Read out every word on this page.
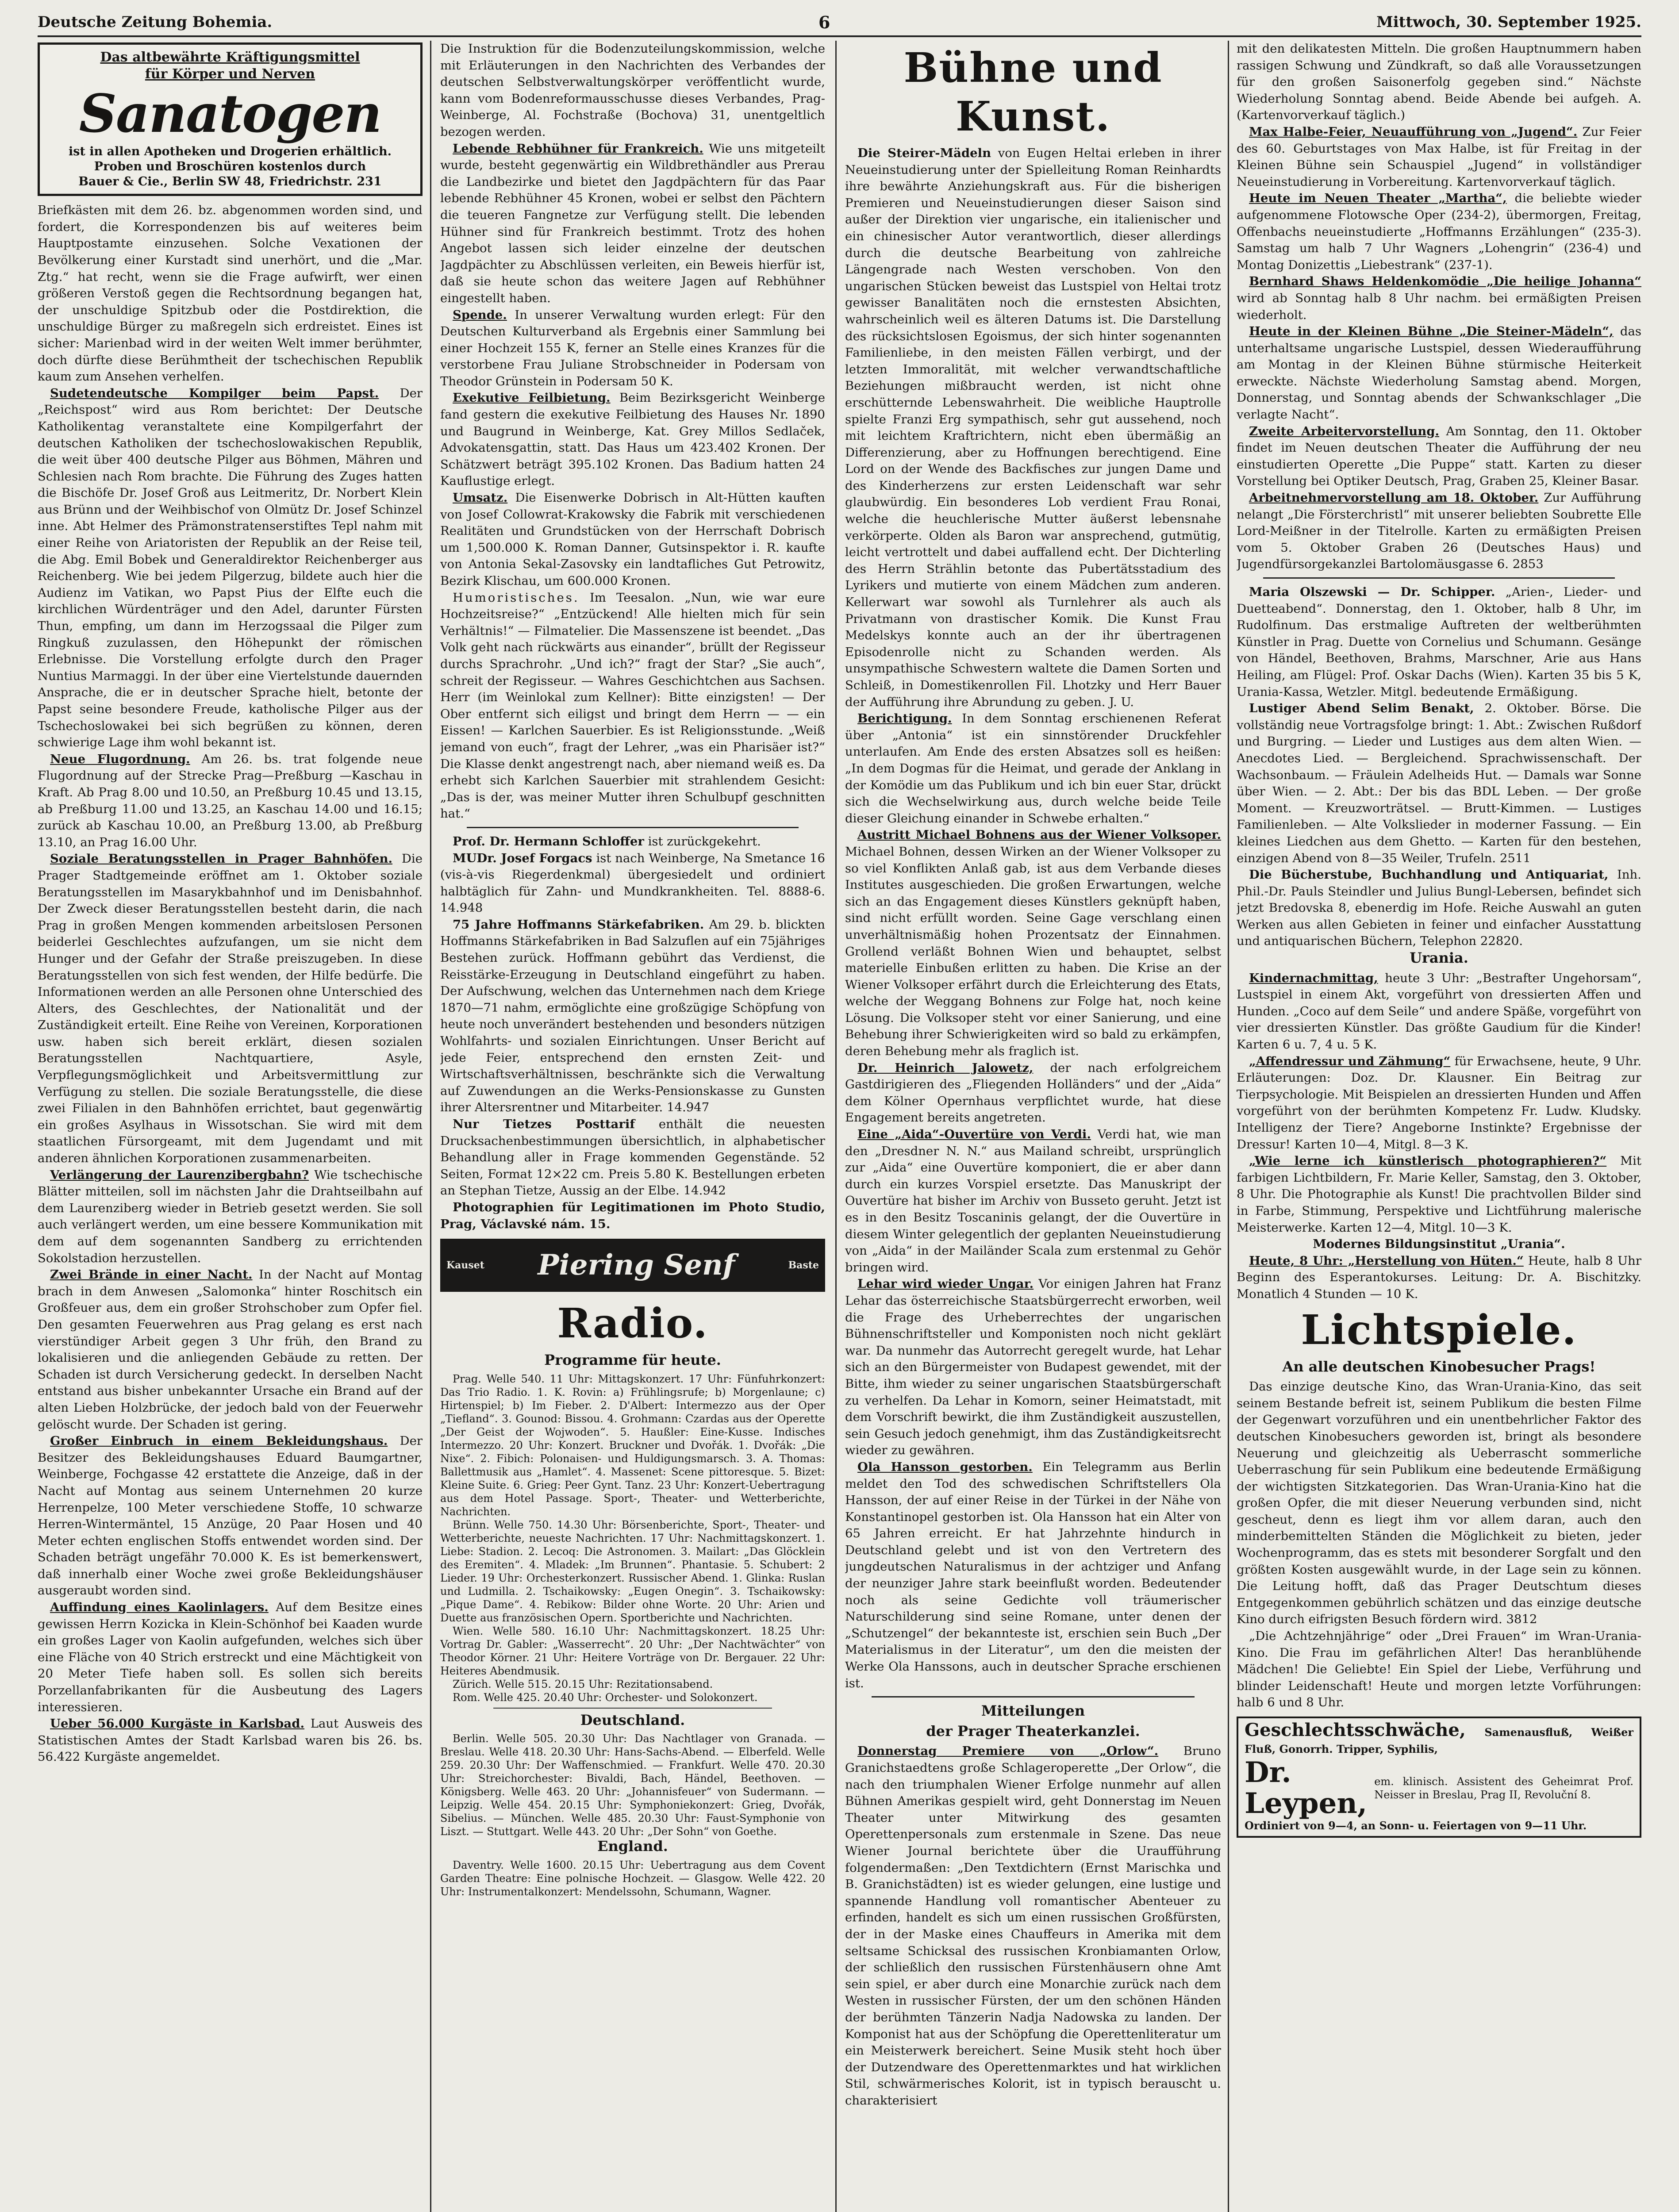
Deutsche Zeitung Bohemia.	6	Mittwoch, 30. September 1925.
Das altbewährte Kräftigungsmittel
für Körper und Nerven
Sanatogen
ist in allen Apotheken und Drogerien erhältlich.
Proben und Broschüren kostenlos durch
Bauer & Cie., Berlin SW 48, Friedrichstr. 231

Briefkästen mit dem 26. bz. abgenommen worden sind, und fordert, die Korrespondenzen bis auf weiteres beim Hauptpostamte einzusehen. Solche Vexationen der Bevölkerung einer Kurstadt sind unerhört, und die „Mar. Ztg.“ hat recht, wenn sie die Frage aufwirft, wer einen größeren Verstoß gegen die Rechtsordnung begangen hat, der unschuldige Spitzbub oder die Postdirektion, die unschuldige Bürger zu maßregeln sich erdreistet. Eines ist sicher: Marienbad wird in der weiten Welt immer berühmter, doch dürfte diese Berühmtheit der tschechischen Republik kaum zum Ansehen verhelfen.

Sudetendeutsche Kompilger beim Papst. Der „Reichspost“ wird aus Rom berichtet: Der Deutsche Katholikentag veranstaltete eine Kompilgerfahrt der deutschen Katholiken der tschechoslowakischen Republik, die weit über 400 deutsche Pilger aus Böhmen, Mähren und Schlesien nach Rom brachte. Die Führung des Zuges hatten die Bischöfe Dr. Josef Groß aus Leitmeritz, Dr. Norbert Klein aus Brünn und der Weihbischof von Olmütz Dr. Josef Schinzel inne. Abt Helmer des Prämonstratenserstiftes Tepl nahm mit einer Reihe von Ariatoristen der Republik an der Reise teil, die Abg. Emil Bobek und Generaldirektor Reichenberger aus Reichenberg. Wie bei jedem Pilgerzug, bildete auch hier die Audienz im Vatikan, wo Papst Pius der Elfte euch die kirchlichen Würdenträger und den Adel, darunter Fürsten Thun, empfing, um dann im Herzogssaal die Pilger zum Ringkuß zuzulassen, den Höhepunkt der römischen Erlebnisse. Die Vorstellung erfolgte durch den Prager Nuntius Marmaggi. In der über eine Viertelstunde dauernden Ansprache, die er in deutscher Sprache hielt, betonte der Papst seine besondere Freude, katholische Pilger aus der Tschechoslowakei bei sich begrüßen zu können, deren schwierige Lage ihm wohl bekannt ist.

Neue Flugordnung. Am 26. bs. trat folgende neue Flugordnung auf der Strecke Prag—Preßburg —Kaschau in Kraft. Ab Prag 8.00 und 10.50, an Preßburg 10.45 und 13.15, ab Preßburg 11.00 und 13.25, an Kaschau 14.00 und 16.15; zurück ab Kaschau 10.00, an Preßburg 13.00, ab Preßburg 13.10, an Prag 16.00 Uhr.

Soziale Beratungsstellen in Prager Bahnhöfen. Die Prager Stadtgemeinde eröffnet am 1. Oktober soziale Beratungsstellen im Masarykbahnhof und im Denisbahnhof. Der Zweck dieser Beratungsstellen besteht darin, die nach Prag in großen Mengen kommenden arbeitslosen Personen beiderlei Geschlechtes aufzufangen, um sie nicht dem Hunger und der Gefahr der Straße preiszugeben. In diese Beratungsstellen von sich fest wenden, der Hilfe bedürfe. Die Informationen werden an alle Personen ohne Unterschied des Alters, des Geschlechtes, der Nationalität und der Zuständigkeit erteilt. Eine Reihe von Vereinen, Korporationen usw. haben sich bereit erklärt, diesen sozialen Beratungsstellen Nachtquartiere, Asyle, Verpflegungsmöglichkeit und Arbeitsvermittlung zur Verfügung zu stellen. Die soziale Beratungsstelle, die diese zwei Filialen in den Bahnhöfen errichtet, baut gegenwärtig ein großes Asylhaus in Wissotschan. Sie wird mit dem staatlichen Fürsorgeamt, mit dem Jugendamt und mit anderen ähnlichen Korporationen zusammenarbeiten.

Verlängerung der Laurenzibergbahn? Wie tschechische Blätter mitteilen, soll im nächsten Jahr die Drahtseilbahn auf dem Laurenziberg wieder in Betrieb gesetzt werden. Sie soll auch verlängert werden, um eine bessere Kommunikation mit dem auf dem sogenannten Sandberg zu errichtenden Sokolstadion herzustellen.

Zwei Brände in einer Nacht. In der Nacht auf Montag brach in dem Anwesen „Salomonka“ hinter Roschitsch ein Großfeuer aus, dem ein großer Strohschober zum Opfer fiel. Den gesamten Feuerwehren aus Prag gelang es erst nach vierstündiger Arbeit gegen 3 Uhr früh, den Brand zu lokalisieren und die anliegenden Gebäude zu retten. Der Schaden ist durch Versicherung gedeckt. In derselben Nacht entstand aus bisher unbekannter Ursache ein Brand auf der alten Lieben Holzbrücke, der jedoch bald von der Feuerwehr gelöscht wurde. Der Schaden ist gering.

Großer Einbruch in einem Bekleidungshaus. Der Besitzer des Bekleidungshauses Eduard Baumgartner, Weinberge, Fochgasse 42 erstattete die Anzeige, daß in der Nacht auf Montag aus seinem Unternehmen 20 kurze Herrenpelze, 100 Meter verschiedene Stoffe, 10 schwarze Herren-Wintermäntel, 15 Anzüge, 20 Paar Hosen und 40 Meter echten englischen Stoffs entwendet worden sind. Der Schaden beträgt ungefähr 70.000 K. Es ist bemerkenswert, daß innerhalb einer Woche zwei große Bekleidungshäuser ausgeraubt worden sind.

Auffindung eines Kaolinlagers. Auf dem Besitze eines gewissen Herrn Kozicka in Klein-Schönhof bei Kaaden wurde ein großes Lager von Kaolin aufgefunden, welches sich über eine Fläche von 40 Strich erstreckt und eine Mächtigkeit von 20 Meter Tiefe haben soll. Es sollen sich bereits Porzellanfabrikanten für die Ausbeutung des Lagers interessieren.

Ueber 56.000 Kurgäste in Karlsbad. Laut Ausweis des Statistischen Amtes der Stadt Karlsbad waren bis 26. bs. 56.422 Kurgäste angemeldet.

Die Instruktion für die Bodenzuteilungskommission, welche mit Erläuterungen in den Nachrichten des Verbandes der deutschen Selbstverwaltungskörper veröffentlicht wurde, kann vom Bodenreformausschusse dieses Verbandes, Prag-Weinberge, Al. Fochstraße (Bochova) 31, unentgeltlich bezogen werden.

Lebende Rebhühner für Frankreich. Wie uns mitgeteilt wurde, besteht gegenwärtig ein Wildbrethändler aus Prerau die Landbezirke und bietet den Jagdpächtern für das Paar lebende Rebhühner 45 Kronen, wobei er selbst den Pächtern die teueren Fangnetze zur Verfügung stellt. Die lebenden Hühner sind für Frankreich bestimmt. Trotz des hohen Angebot lassen sich leider einzelne der deutschen Jagdpächter zu Abschlüssen verleiten, ein Beweis hierfür ist, daß sie heute schon das weitere Jagen auf Rebhühner eingestellt haben.

Spende. In unserer Verwaltung wurden erlegt: Für den Deutschen Kulturverband als Ergebnis einer Sammlung bei einer Hochzeit 155 K, ferner an Stelle eines Kranzes für die verstorbene Frau Juliane Strobschneider in Podersam von Theodor Grünstein in Podersam 50 K.

Exekutive Feilbietung. Beim Bezirksgericht Weinberge fand gestern die exekutive Feilbietung des Hauses Nr. 1890 und Baugrund in Weinberge, Kat. Grey Millos Sedlaček, Advokatensgattin, statt. Das Haus um 423.402 Kronen. Der Schätzwert beträgt 395.102 Kronen. Das Badium hatten 24 Kauflustige erlegt.

Umsatz. Die Eisenwerke Dobrisch in Alt-Hütten kauften von Josef Collowrat-Krakowsky die Fabrik mit verschiedenen Realitäten und Grundstücken von der Herrschaft Dobrisch um 1,500.000 K. Roman Danner, Gutsinspektor i. R. kaufte von Antonia Sekal-Zasovsky ein landtafliches Gut Petrowitz, Bezirk Klischau, um 600.000 Kronen.

Humoristisches. Im Teesalon. „Nun, wie war eure Hochzeitsreise?“ „Entzückend! Alle hielten mich für sein Verhältnis!“ — Filmatelier. Die Massenszene ist beendet. „Das Volk geht nach rückwärts aus einander“, brüllt der Regisseur durchs Sprachrohr. „Und ich?“ fragt der Star? „Sie auch“, schreit der Regisseur. — Wahres Geschichtchen aus Sachsen. Herr (im Weinlokal zum Kellner): Bitte einzigsten! — Der Ober entfernt sich eiligst und bringt dem Herrn — — ein Eissen! — Karlchen Sauerbier. Es ist Religionsstunde. „Weiß jemand von euch“, fragt der Lehrer, „was ein Pharisäer ist?“ Die Klasse denkt angestrengt nach, aber niemand weiß es. Da erhebt sich Karlchen Sauerbier mit strahlendem Gesicht: „Das is der, was meiner Mutter ihren Schulbupf geschnitten hat.“

Prof. Dr. Hermann Schloffer ist zurückgekehrt.

MUDr. Josef Forgacs ist nach Weinberge, Na Smetance 16 (vis-à-vis Riegerdenkmal) übergesiedelt und ordiniert halbtäglich für Zahn- und Mundkrankheiten. Tel. 8888-6. 14.948

75 Jahre Hoffmanns Stärkefabriken. Am 29. b. blickten Hoffmanns Stärkefabriken in Bad Salzuflen auf ein 75jähriges Bestehen zurück. Hoffmann gebührt das Verdienst, die Reisstärke-Erzeugung in Deutschland eingeführt zu haben. Der Aufschwung, welchen das Unternehmen nach dem Kriege 1870—71 nahm, ermöglichte eine großzügige Schöpfung von heute noch unverändert bestehenden und besonders nützigen Wohlfahrts- und sozialen Einrichtungen. Unser Bericht auf jede Feier, entsprechend den ernsten Zeit- und Wirtschaftsverhältnissen, beschränkte sich die Verwaltung auf Zuwendungen an die Werks-Pensionskasse zu Gunsten ihrer Altersrentner und Mitarbeiter. 14.947

Nur Tietzes Posttarif enthält die neuesten Drucksachenbestimmungen übersichtlich, in alphabetischer Behandlung aller in Frage kommenden Gegenstände. 52 Seiten, Format 12×22 cm. Preis 5.80 K. Bestellungen erbeten an Stephan Tietze, Aussig an der Elbe. 14.942

Photographien für Legitimationen im Photo Studio, Prag, Václavské nám. 15.

Kauset Piering Senf	Baste
Radio.
Programme für heute.

Prag. Welle 540. 11 Uhr: Mittagskonzert. 17 Uhr: Fünfuhrkonzert: Das Trio Radio. 1. K. Rovin: a) Frühlingsrufe; b) Morgenlaune; c) Hirtenspiel; b) Im Fieber. 2. D'Albert: Intermezzo aus der Oper „Tiefland“. 3. Gounod: Bissou. 4. Grohmann: Czardas aus der Operette „Der Geist der Wojwoden“. 5. Haußler: Eine-Kusse. Indisches Intermezzo. 20 Uhr: Konzert. Bruckner und Dvořák. 1. Dvořák: „Die Nixe“. 2. Fibich: Polonaisen- und Huldigungsmarsch. 3. A. Thomas: Ballettmusik aus „Hamlet“. 4. Massenet: Scene pittoresque. 5. Bizet: Kleine Suite. 6. Grieg: Peer Gynt. Tanz. 23 Uhr: Konzert-Uebertragung aus dem Hotel Passage. Sport-, Theater- und Wetterberichte, Nachrichten.

Brünn. Welle 750. 14.30 Uhr: Börsenberichte, Sport-, Theater- und Wetterberichte, neueste Nachrichten. 17 Uhr: Nachmittagskonzert. 1. Liebe: Stadion. 2. Lecoq: Die Astronomen. 3. Mailart: „Das Glöcklein des Eremiten“. 4. Mladek: „Im Brunnen“. Phantasie. 5. Schubert: 2 Lieder. 19 Uhr: Orchesterkonzert. Russischer Abend. 1. Glinka: Ruslan und Ludmilla. 2. Tschaikowsky: „Eugen Onegin“. 3. Tschaikowsky: „Pique Dame“. 4. Rebikow: Bilder ohne Worte. 20 Uhr: Arien und Duette aus französischen Opern. Sportberichte und Nachrichten.

Wien. Welle 580. 16.10 Uhr: Nachmittagskonzert. 18.25 Uhr: Vortrag Dr. Gabler: „Wasserrecht“. 20 Uhr: „Der Nachtwächter“ von Theodor Körner. 21 Uhr: Heitere Vorträge von Dr. Bergauer. 22 Uhr: Heiteres Abendmusik.

Zürich. Welle 515. 20.15 Uhr: Rezitationsabend.

Rom. Welle 425. 20.40 Uhr: Orchester- und Solokonzert.

Deutschland.

Berlin. Welle 505. 20.30 Uhr: Das Nachtlager von Granada. — Breslau. Welle 418. 20.30 Uhr: Hans-Sachs-Abend. — Elberfeld. Welle 259. 20.30 Uhr: Der Waffenschmied. — Frankfurt. Welle 470. 20.30 Uhr: Streichorchester: Bivaldi, Bach, Händel, Beethoven. — Königsberg. Welle 463. 20 Uhr: „Johannisfeuer“ von Sudermann. — Leipzig. Welle 454. 20.15 Uhr: Symphoniekonzert: Grieg, Dvořák, Sibelius. — München. Welle 485. 20.30 Uhr: Faust-Symphonie von Liszt. — Stuttgart. Welle 443. 20 Uhr: „Der Sohn“ von Goethe.

England.

Daventry. Welle 1600. 20.15 Uhr: Uebertragung aus dem Covent Garden Theatre: Eine polnische Hochzeit. — Glasgow. Welle 422. 20 Uhr: Instrumentalkonzert: Mendelssohn, Schumann, Wagner.

Bühne und Kunst.

Die Steirer-Mädeln von Eugen Heltai erleben in ihrer Neueinstudierung unter der Spielleitung Roman Reinhardts ihre bewährte Anziehungskraft aus. Für die bisherigen Premieren und Neueinstudierungen dieser Saison sind außer der Direktion vier ungarische, ein italienischer und ein chinesischer Autor verantwortlich, dieser allerdings durch die deutsche Bearbeitung von zahlreiche Längengrade nach Westen verschoben. Von den ungarischen Stücken beweist das Lustspiel von Heltai trotz gewisser Banalitäten noch die ernstesten Absichten, wahrscheinlich weil es älteren Datums ist. Die Darstellung des rücksichtslosen Egoismus, der sich hinter sogenannten Familienliebe, in den meisten Fällen verbirgt, und der letzten Immoralität, mit welcher verwandtschaftliche Beziehungen mißbraucht werden, ist nicht ohne erschütternde Lebenswahrheit. Die weibliche Hauptrolle spielte Franzi Erg sympathisch, sehr gut aussehend, noch mit leichtem Kraftrichtern, nicht eben übermäßig an Differenzierung, aber zu Hoffnungen berechtigend. Eine Lord on der Wende des Backfisches zur jungen Dame und des Kinderherzens zur ersten Leidenschaft war sehr glaubwürdig. Ein besonderes Lob verdient Frau Ronai, welche die heuchlerische Mutter äußerst lebensnahe verkörperte. Olden als Baron war ansprechend, gutmütig, leicht vertrottelt und dabei auffallend echt. Der Dichterling des Herrn Strählin betonte das Pubertätsstadium des Lyrikers und mutierte von einem Mädchen zum anderen. Kellerwart war sowohl als Turnlehrer als auch als Privatmann von drastischer Komik. Die Kunst Frau Medelskys konnte auch an der ihr übertragenen Episodenrolle nicht zu Schanden werden. Als unsympathische Schwestern waltete die Damen Sorten und Schleiß, in Domestikenrollen Fil. Lhotzky und Herr Bauer der Aufführung ihre Abrundung zu geben. J. U.

Berichtigung. In dem Sonntag erschienenen Referat über „Antonia“ ist ein sinnstörender Druckfehler unterlaufen. Am Ende des ersten Absatzes soll es heißen: „In dem Dogmas für die Heimat, und gerade der Anklang in der Komödie um das Publikum und ich bin euer Star, drückt sich die Wechselwirkung aus, durch welche beide Teile dieser Gleichung einander in Schwebe erhalten.“

Austritt Michael Bohnens aus der Wiener Volksoper. Michael Bohnen, dessen Wirken an der Wiener Volksoper zu so viel Konflikten Anlaß gab, ist aus dem Verbande dieses Institutes ausgeschieden. Die großen Erwartungen, welche sich an das Engagement dieses Künstlers geknüpft haben, sind nicht erfüllt worden. Seine Gage verschlang einen unverhältnismäßig hohen Prozentsatz der Einnahmen. Grollend verläßt Bohnen Wien und behauptet, selbst materielle Einbußen erlitten zu haben. Die Krise an der Wiener Volksoper erfährt durch die Erleichterung des Etats, welche der Weggang Bohnens zur Folge hat, noch keine Lösung. Die Volksoper steht vor einer Sanierung, und eine Behebung ihrer Schwierigkeiten wird so bald zu erkämpfen, deren Behebung mehr als fraglich ist.

Dr. Heinrich Jalowetz, der nach erfolgreichem Gastdirigieren des „Fliegenden Holländers“ und der „Aida“ dem Kölner Opernhaus verpflichtet wurde, hat diese Engagement bereits angetreten.

Eine „Aida“-Ouvertüre von Verdi. Verdi hat, wie man den „Dresdner N. N.“ aus Mailand schreibt, ursprünglich zur „Aida“ eine Ouvertüre komponiert, die er aber dann durch ein kurzes Vorspiel ersetzte. Das Manuskript der Ouvertüre hat bisher im Archiv von Busseto geruht. Jetzt ist es in den Besitz Toscaninis gelangt, der die Ouvertüre in diesem Winter gelegentlich der geplanten Neueinstudierung von „Aida“ in der Mailänder Scala zum erstenmal zu Gehör bringen wird.

Lehar wird wieder Ungar. Vor einigen Jahren hat Franz Lehar das österreichische Staatsbürgerrecht erworben, weil die Frage des Urheberrechtes der ungarischen Bühnenschriftsteller und Komponisten noch nicht geklärt war. Da nunmehr das Autorrecht geregelt wurde, hat Lehar sich an den Bürgermeister von Budapest gewendet, mit der Bitte, ihm wieder zu seiner ungarischen Staatsbürgerschaft zu verhelfen. Da Lehar in Komorn, seiner Heimatstadt, mit dem Vorschrift bewirkt, die ihm Zuständigkeit auszustellen, sein Gesuch jedoch genehmigt, ihm das Zuständigkeitsrecht wieder zu gewähren.

Ola Hansson gestorben. Ein Telegramm aus Berlin meldet den Tod des schwedischen Schriftstellers Ola Hansson, der auf einer Reise in der Türkei in der Nähe von Konstantinopel gestorben ist. Ola Hansson hat ein Alter von 65 Jahren erreicht. Er hat Jahrzehnte hindurch in Deutschland gelebt und ist von den Vertretern des jungdeutschen Naturalismus in der achtziger und Anfang der neunziger Jahre stark beeinflußt worden. Bedeutender noch als seine Gedichte voll träumerischer Naturschilderung sind seine Romane, unter denen der „Schutzengel“ der bekannteste ist, erschien sein Buch „Der Materialismus in der Literatur“, um den die meisten der Werke Ola Hanssons, auch in deutscher Sprache erschienen ist.

Mitteilungen
der Prager Theaterkanzlei.

Donnerstag Premiere von „Orlow“. Bruno Granichstaedtens große Schlageroperette „Der Orlow“, die nach den triumphalen Wiener Erfolge nunmehr auf allen Bühnen Amerikas gespielt wird, geht Donnerstag im Neuen Theater unter Mitwirkung des gesamten Operettenpersonals zum erstenmale in Szene. Das neue Wiener Journal berichtete über die Uraufführung folgendermaßen: „Den Textdichtern (Ernst Marischka und B. Granichstädten) ist es wieder gelungen, eine lustige und spannende Handlung voll romantischer Abenteuer zu erfinden, handelt es sich um einen russischen Großfürsten, der in der Maske eines Chauffeurs in Amerika mit dem seltsame Schicksal des russischen Kronbiamanten Orlow, der schließlich den russischen Fürstenhäusern ohne Amt sein spiel, er aber durch eine Monarchie zurück nach dem Westen in russischer Fürsten, der um den schönen Händen der berühmten Tänzerin Nadja Nadowska zu landen. Der Komponist hat aus der Schöpfung die Operettenliteratur um ein Meisterwerk bereichert. Seine Musik steht hoch über der Dutzendware des Operettenmarktes und hat wirklichen Stil, schwärmerisches Kolorit, ist in typisch berauscht u. charakterisiert

mit den delikatesten Mitteln. Die großen Hauptnummern haben rassigen Schwung und Zündkraft, so daß alle Voraussetzungen für den großen Saisonerfolg gegeben sind.“ Nächste Wiederholung Sonntag abend. Beide Abende bei aufgeh. A. (Kartenvorverkauf täglich.)

Max Halbe-Feier, Neuaufführung von „Jugend“. Zur Feier des 60. Geburtstages von Max Halbe, ist für Freitag in der Kleinen Bühne sein Schauspiel „Jugend“ in vollständiger Neueinstudierung in Vorbereitung. Kartenvorverkauf täglich.

Heute im Neuen Theater „Martha“, die beliebte wieder aufgenommene Flotowsche Oper (234-2), übermorgen, Freitag, Offenbachs neueinstudierte „Hoffmanns Erzählungen“ (235-3). Samstag um halb 7 Uhr Wagners „Lohengrin“ (236-4) und Montag Donizettis „Liebestrank“ (237-1).

Bernhard Shaws Heldenkomödie „Die heilige Johanna“ wird ab Sonntag halb 8 Uhr nachm. bei ermäßigten Preisen wiederholt.

Heute in der Kleinen Bühne „Die Steiner-Mädeln“, das unterhaltsame ungarische Lustspiel, dessen Wiederaufführung am Montag in der Kleinen Bühne stürmische Heiterkeit erweckte. Nächste Wiederholung Samstag abend. Morgen, Donnerstag, und Sonntag abends der Schwankschlager „Die verlagte Nacht“.

Zweite Arbeitervorstellung. Am Sonntag, den 11. Oktober findet im Neuen deutschen Theater die Aufführung der neu einstudierten Operette „Die Puppe“ statt. Karten zu dieser Vorstellung bei Optiker Deutsch, Prag, Graben 25, Kleiner Basar.

Arbeitnehmervorstellung am 18. Oktober. Zur Aufführung nelangt „Die Försterchristl“ mit unserer beliebten Soubrette Elle Lord-Meißner in der Titelrolle. Karten zu ermäßigten Preisen vom 5. Oktober Graben 26 (Deutsches Haus) und Jugendfürsorgekanzlei Bartolomäusgasse 6. 2853

Maria Olszewski — Dr. Schipper. „Arien-, Lieder- und Duetteabend“. Donnerstag, den 1. Oktober, halb 8 Uhr, im Rudolfinum. Das erstmalige Auftreten der weltberühmten Künstler in Prag. Duette von Cornelius und Schumann. Gesänge von Händel, Beethoven, Brahms, Marschner, Arie aus Hans Heiling, am Flügel: Prof. Oskar Dachs (Wien). Karten 35 bis 5 K, Urania-Kassa, Wetzler. Mitgl. bedeutende Ermäßigung.

Lustiger Abend Selim Benakt, 2. Oktober. Börse. Die vollständig neue Vortragsfolge bringt: 1. Abt.: Zwischen Rußdorf und Burgring. — Lieder und Lustiges aus dem alten Wien. — Anecdotes Lied. — Bergleichend. Sprachwissenschaft. Der Wachsonbaum. — Fräulein Adelheids Hut. — Damals war Sonne über Wien. — 2. Abt.: Der bis das BDL Leben. — Der große Moment. — Kreuzworträtsel. — Brutt-Kimmen. — Lustiges Familienleben. — Alte Volkslieder in moderner Fassung. — Ein kleines Liedchen aus dem Ghetto. — Karten für den bestehen, einzigen Abend von 8—35 Weiler, Trufeln. 2511

Die Bücherstube, Buchhandlung und Antiquariat, Inh. Phil.-Dr. Pauls Steindler und Julius Bungl-Lebersen, befindet sich jetzt Bredovska 8, ebenerdig im Hofe. Reiche Auswahl an guten Werken aus allen Gebieten in feiner und einfacher Ausstattung und antiquarischen Büchern, Telephon 22820.

Urania.

Kindernachmittag, heute 3 Uhr: „Bestrafter Ungehorsam“, Lustspiel in einem Akt, vorgeführt von dressierten Affen und Hunden. „Coco auf dem Seile“ und andere Späße, vorgeführt von vier dressierten Künstler. Das größte Gaudium für die Kinder! Karten 6 u. 7, 4 u. 5 K.

„Affendressur und Zähmung“ für Erwachsene, heute, 9 Uhr. Erläuterungen: Doz. Dr. Klausner. Ein Beitrag zur Tierpsychologie. Mit Beispielen an dressierten Hunden und Affen vorgeführt von der berühmten Kompetenz Fr. Ludw. Kludsky. Intelligenz der Tiere? Angeborne Instinkte? Ergebnisse der Dressur! Karten 10—4, Mitgl. 8—3 K.

„Wie lerne ich künstlerisch photographieren?“ Mit farbigen Lichtbildern, Fr. Marie Keller, Samstag, den 3. Oktober, 8 Uhr. Die Photographie als Kunst! Die prachtvollen Bilder sind in Farbe, Stimmung, Perspektive und Lichtführung malerische Meisterwerke. Karten 12—4, Mitgl. 10—3 K.

Modernes Bildungsinstitut „Urania“.

Heute, 8 Uhr: „Herstellung von Hüten.“ Heute, halb 8 Uhr Beginn des Esperantokurses. Leitung: Dr. A. Bischitzky. Monatlich 4 Stunden — 10 K.

Lichtspiele.
An alle deutschen Kinobesucher Prags!

Das einzige deutsche Kino, das Wran-Urania-Kino, das seit seinem Bestande befreit ist, seinem Publikum die besten Filme der Gegenwart vorzuführen und ein unentbehrlicher Faktor des deutschen Kinobesuchers geworden ist, bringt als besondere Neuerung und gleichzeitig als Ueberrascht sommerliche Ueberraschung für sein Publikum eine bedeutende Ermäßigung der wichtigsten Sitzkategorien. Das Wran-Urania-Kino hat die großen Opfer, die mit dieser Neuerung verbunden sind, nicht gescheut, denn es liegt ihm vor allem daran, auch den minderbemittelten Ständen die Möglichkeit zu bieten, jeder Wochenprogramm, das es stets mit besonderer Sorgfalt und den größten Kosten ausgewählt wurde, in der Lage sein zu können. Die Leitung hofft, daß das Prager Deutschtum dieses Entgegenkommen gebührlich schätzen und das einzige deutsche Kino durch eifrigsten Besuch fördern wird. 3812

„Die Achtzehnjährige“ oder „Drei Frauen“ im Wran-Urania-Kino. Die Frau im gefährlichen Alter! Das heranblühende Mädchen! Die Geliebte! Ein Spiel der Liebe, Verführung und blinder Leidenschaft! Heute und morgen letzte Vorführungen: halb 6 und 8 Uhr.

Geschlechtsschwäche, Samenausfluß, Weißer Fluß, Gonorrh. Tripper, Syphilis,
Dr. Leypen,
em. klinisch. Assistent des Geheimrat Prof. Neisser in Breslau, Prag II, Revoluční 8.
Ordiniert von 9—4, an Sonn- u. Feiertagen von 9—11 Uhr.
